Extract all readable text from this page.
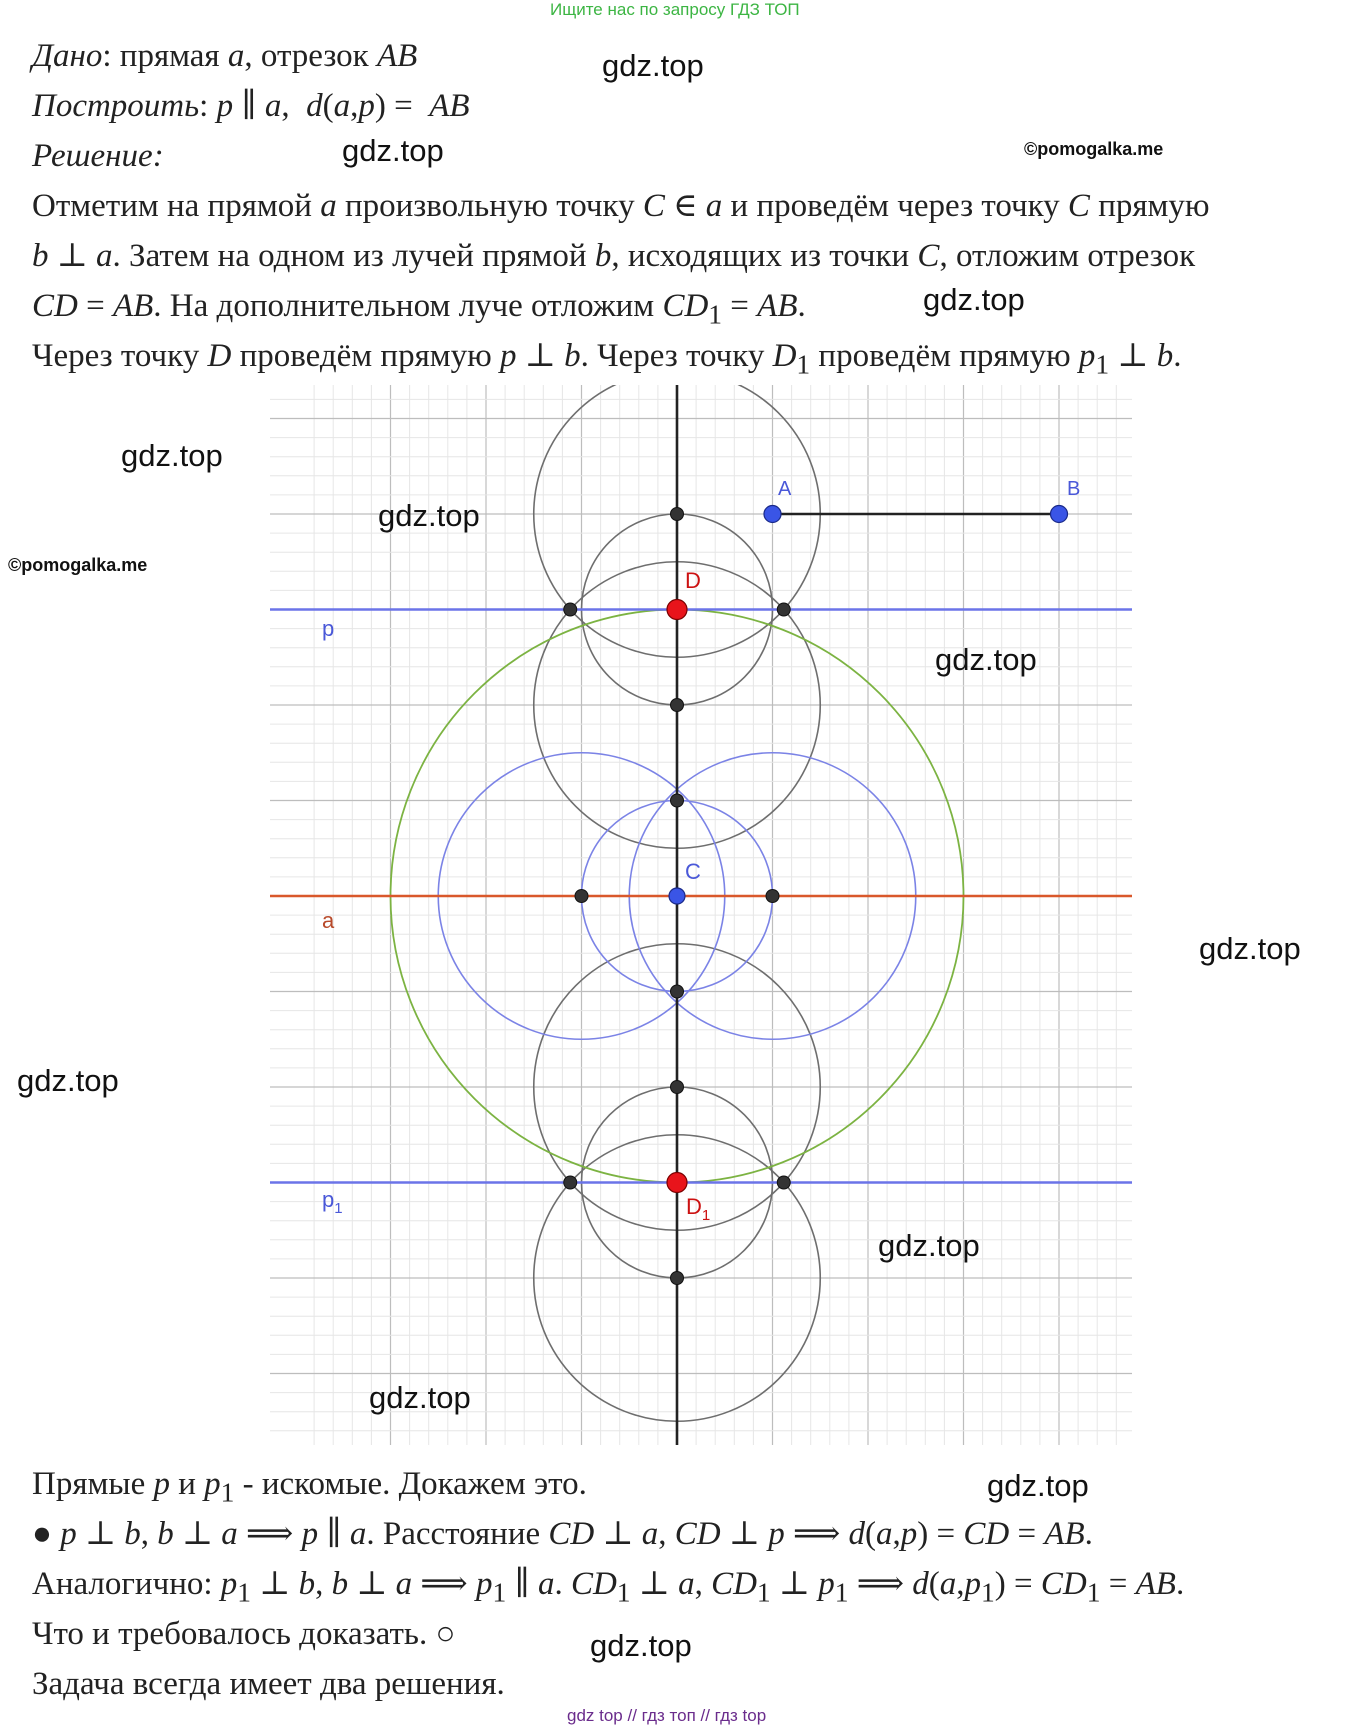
Ищите нас по запросу ГДЗ ТОП
Дано: прямая a, отрезок AB
Построить: p ∥ a,  d(a,p) =  AB
Решение:
Отметим на прямой a произвольную точку C ∈ a и проведём через точку C прямую
b ⊥ a. Затем на одном из лучей прямой b, исходящих из точки C, отложим отрезок
CD = AB. На дополнительном луче отложим $CD_1$ = AB.
Через точку D проведём прямую p ⊥ b. Через точку $D_1$ проведём прямую $p_1$ ⊥ b.
A	B
D
C
$D_1$
p
a
$p_1$
Прямые p и $p_1$ - искомые. Докажем это.
● p ⊥ b, b ⊥ a ⟹ p ∥ a. Расстояние CD ⊥ a, CD ⊥ p ⟹ d(a,p) = CD = AB.
Аналогично: $p_1$ ⊥ b, b ⊥ a ⟹ $p_1$ ∥ a. $CD_1$ ⊥ a, $CD_1$ ⊥ $p_1$ ⟹ $d(a,p_1) = CD_1$ = AB.
Что и требовалось доказать. ○
Задача всегда имеет два решения.
gdz.top
gdz.top
gdz.top
gdz.top
gdz.top
gdz.top
gdz.top
gdz.top
gdz.top
gdz.top
gdz.top
gdz.top
©pomogalka.me
©pomogalka.me
gdz top // гдз топ // гдз top
